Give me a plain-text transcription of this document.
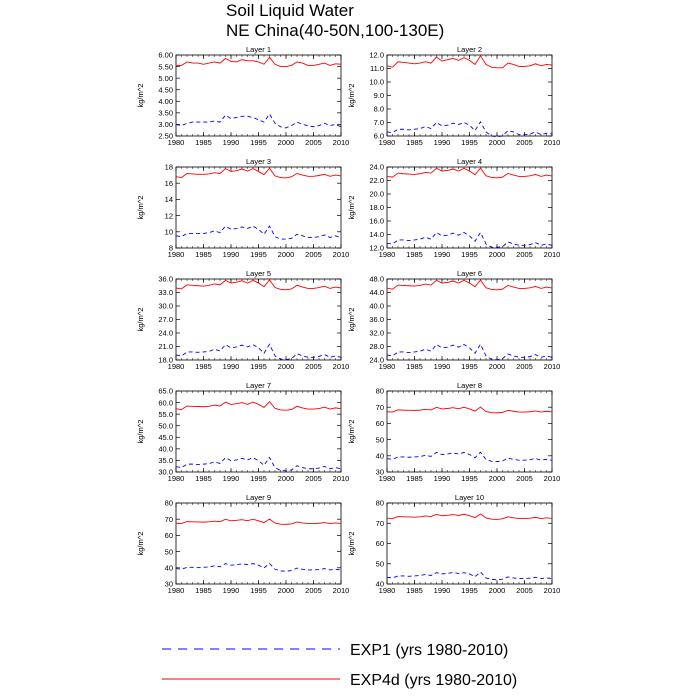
Soil Liquid Water
NE China(40-50N,100-130E)
Layer 1
1980 1985 1990 1995 2000 2005 2010
2.50
3.00
3.50
4.00
4.50
5.00
5.50
6.00
kg/m^2
Layer 2
1980 1985 1990 1995 2000 2005 2010
6.0
7.0
8.0
9.0
10.0
11.0
12.0
kg/m^2
Layer 3
1980 1985 1990 1995 2000 2005 2010
8
10
12
14
16
18
kg/m^2
Layer 4
1980 1985 1990 1995 2000 2005 2010
12.0
14.0
16.0
18.0
20.0
22.0
24.0
kg/m^2
Layer 5
1980 1985 1990 1995 2000 2005 2010
18.0
21.0
24.0
27.0
30.0
33.0
36.0
kg/m^2
Layer 6
1980 1985 1990 1995 2000 2005 2010
24.0
28.0
32.0
36.0
40.0
44.0
48.0
kg/m^2
Layer 7
1980 1985 1990 1995 2000 2005 2010
30.0
35.0
40.0
45.0
50.0
55.0
60.0
65.0
kg/m^2
Layer 8
1980 1985 1990 1995 2000 2005 2010
30
40
50
60
70
80
kg/m^2
Layer 9
1980 1985 1990 1995 2000 2005 2010
30
40
50
60
70
80
kg/m^2
Layer 10
1980 1985 1990 1995 2000 2005 2010
40
50
60
70
80
kg/m^2
EXP1 (yrs 1980-2010)
EXP4d (yrs 1980-2010)
